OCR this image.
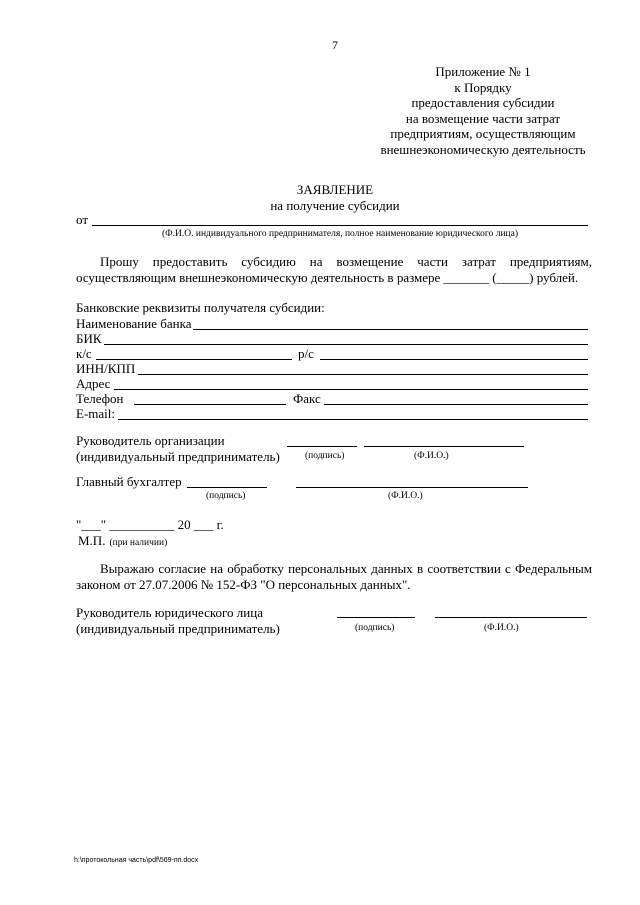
7
Приложение № 1
к Порядку
предоставления субсидии
на возмещение части затрат
предприятиям, осуществляющим
внешнеэкономическую деятельность
ЗАЯВЛЕНИЕ
на получение субсидии
от
(Ф.И.О. индивидуального предпринимателя, полное наименование юридического лица)
Прошу предоставить субсидию на возмещение части затрат предприятиям,
осуществляющим внешнеэкономическую деятельность в размере _______ (_____) рублей.
Банковские реквизиты получателя субсидии:
Наименование банка
БИК
к/с	р/с
ИНН/КПП
Адрес
Телефон	Факс
E-mail:
Руководитель организации
(индивидуальный предприниматель)	(подпись)	(Ф.И.О.)
Главный бухгалтер
(подпись)	(Ф.И.О.)
"___" __________ 20 ___ г.
М.П. (при наличии)
Выражаю согласие на обработку персональных данных в соответствии с Федеральным
законом от 27.07.2006 № 152-ФЗ "О персональных данных".
Руководитель юридического лица
(индивидуальный предприниматель)	(подпись)	(Ф.И.О.)
h:\протокольная часть\pdf\569-пп.docx
